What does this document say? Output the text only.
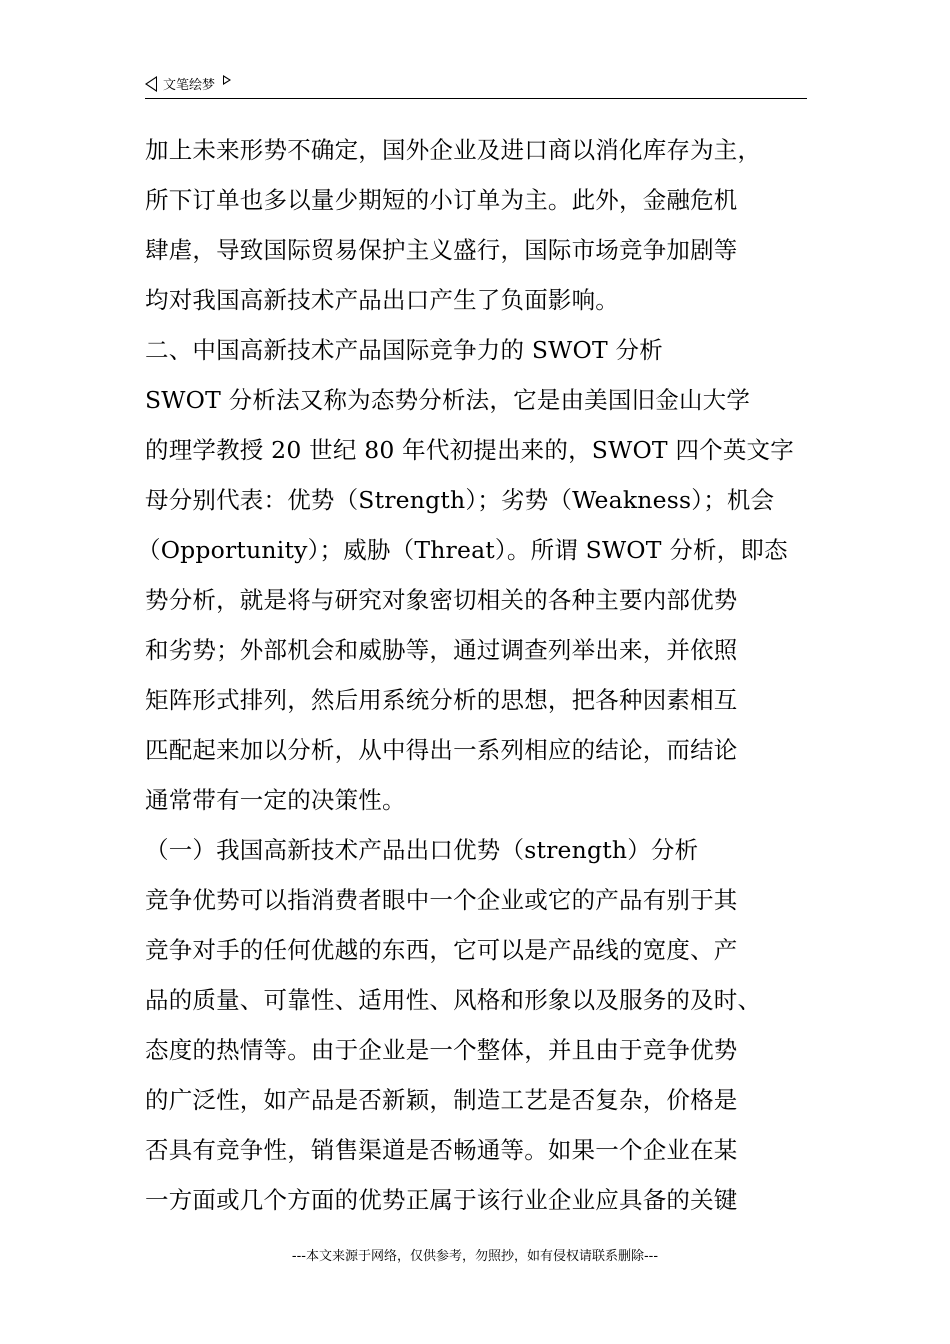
文笔绘梦
加上未来形势不确定，国外企业及进口商以消化库存为主，
所下订单也多以量少期短的小订单为主。此外，金融危机
肆虐，导致国际贸易保护主义盛行，国际市场竞争加剧等
均对我国高新技术产品出口产生了负面影响。
二、中国高新技术产品国际竞争力的 SWOT 分析
SWOT 分析法又称为态势分析法，它是由美国旧金山大学
的理学教授 20 世纪 80 年代初提出来的，SWOT 四个英文字
母分别代表：优势（Strength）；劣势（Weakness）；机会
（Opportunity）；威胁（Threat）。所谓 SWOT 分析，即态
势分析，就是将与研究对象密切相关的各种主要内部优势
和劣势；外部机会和威胁等，通过调查列举出来，并依照
矩阵形式排列，然后用系统分析的思想，把各种因素相互
匹配起来加以分析，从中得出一系列相应的结论，而结论
通常带有一定的决策性。
（一）我国高新技术产品出口优势（strength）分析
竞争优势可以指消费者眼中一个企业或它的产品有别于其
竞争对手的任何优越的东西，它可以是产品线的宽度、产
品的质量、可靠性、适用性、风格和形象以及服务的及时、
态度的热情等。由于企业是一个整体，并且由于竞争优势
的广泛性，如产品是否新颖，制造工艺是否复杂，价格是
否具有竞争性，销售渠道是否畅通等。如果一个企业在某
一方面或几个方面的优势正属于该行业企业应具备的关键
---本文来源于网络，仅供参考，勿照抄，如有侵权请联系删除---
